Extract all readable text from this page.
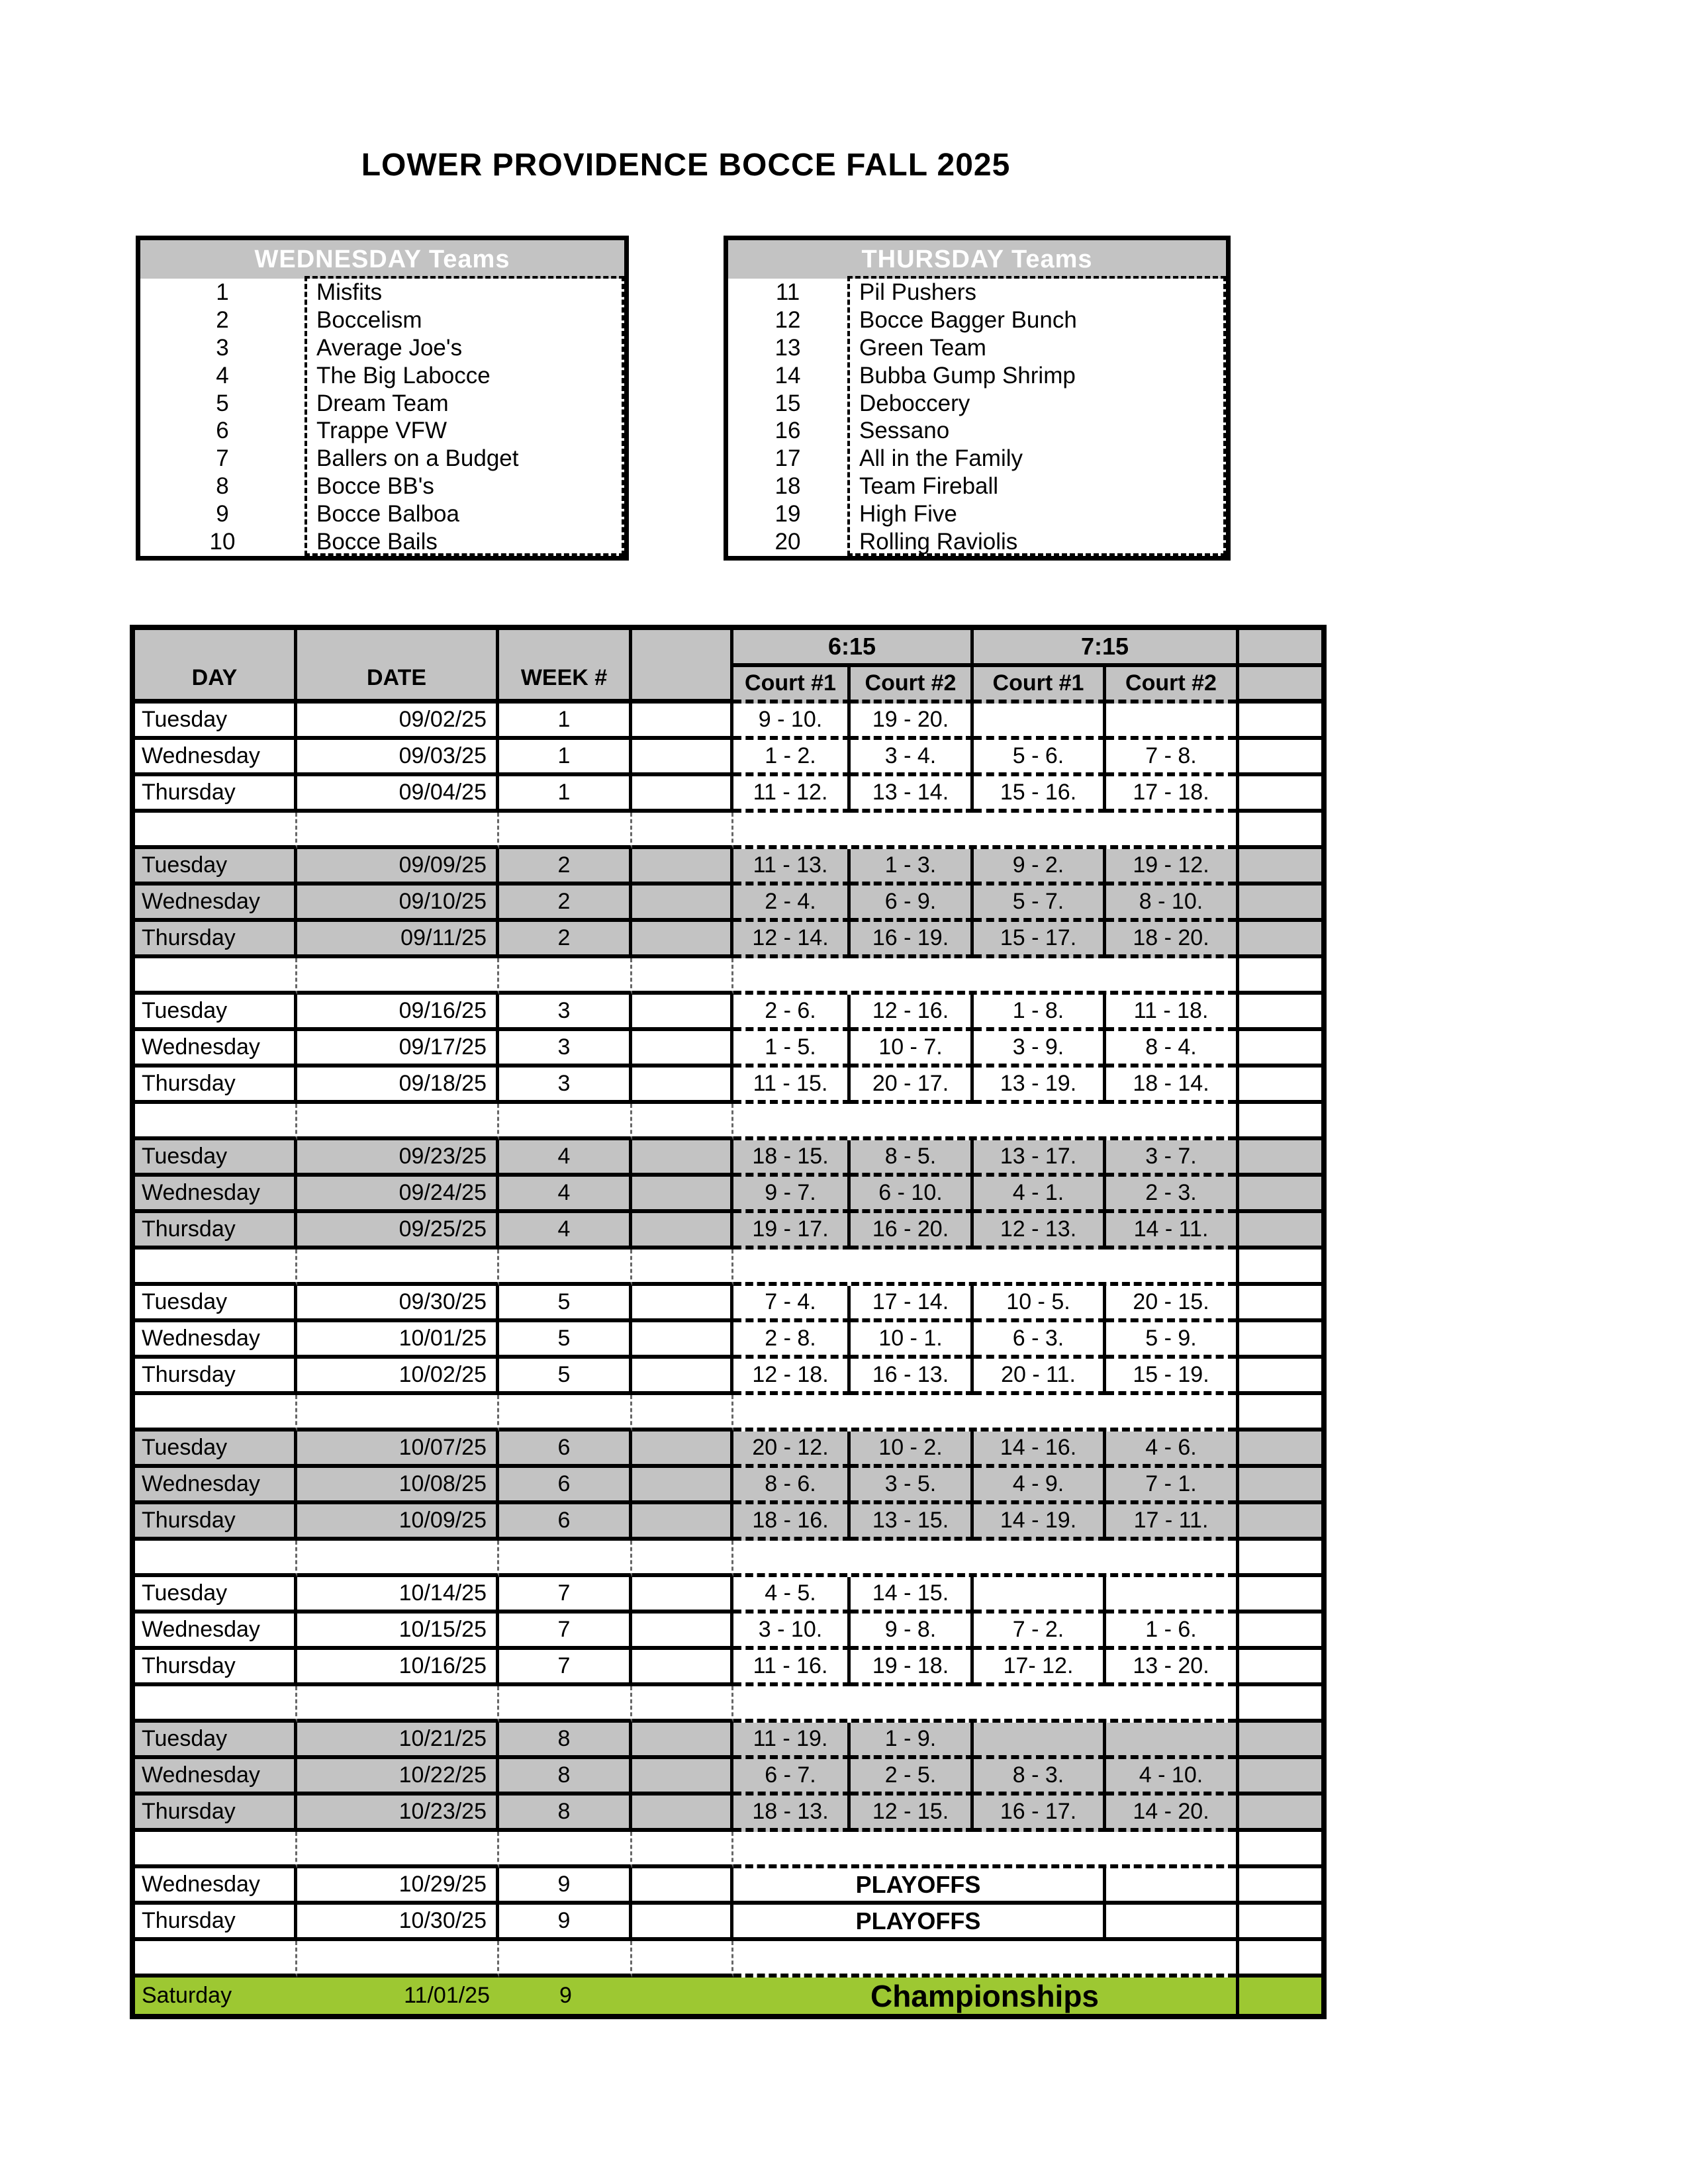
LOWER PROVIDENCE BOCCE FALL 2025
WEDNESDAY Teams
1	Misfits
2	Boccelism
3	Average Joe's
4	The Big Labocce
5	Dream Team
6	Trappe VFW
7	Ballers on a Budget
8	Bocce BB's
9	Bocce Balboa
10	Bocce Bails
THURSDAY Teams
11	Pil Pushers
12	Bocce Bagger Bunch
13	Green Team
14	Bubba Gump Shrimp
15	Deboccery
16	Sessano
17	All in the Family
18	Team Fireball
19	High Five
20	Rolling Raviolis
DAY	DATE	WEEK #
6:15	7:15
Court #1	Court #2	Court #1	Court #2
Tuesday	09/02/25	1	9 - 10.	19 - 20.
Wednesday	09/03/25	1	1 - 2.	3 - 4.	5 - 6.	7 - 8.
Thursday	09/04/25	1	11 - 12.	13 - 14.	15 - 16.	17 - 18.
Tuesday	09/09/25	2	11 - 13.	1 - 3.	9 - 2.	19 - 12.
Wednesday	09/10/25	2	2 - 4.	6 - 9.	5 - 7.	8 - 10.
Thursday	09/11/25	2	12 - 14.	16 - 19.	15 - 17.	18 - 20.
Tuesday	09/16/25	3	2 - 6.	12 - 16.	1 - 8.	11 - 18.
Wednesday	09/17/25	3	1 - 5.	10 - 7.	3 - 9.	8 - 4.
Thursday	09/18/25	3	11 - 15.	20 - 17.	13 - 19.	18 - 14.
Tuesday	09/23/25	4	18 - 15.	8 - 5.	13 - 17.	3 - 7.
Wednesday	09/24/25	4	9 - 7.	6 - 10.	4 - 1.	2 - 3.
Thursday	09/25/25	4	19 - 17.	16 - 20.	12 - 13.	14 - 11.
Tuesday	09/30/25	5	7 - 4.	17 - 14.	10 - 5.	20 - 15.
Wednesday	10/01/25	5	2 - 8.	10 - 1.	6 - 3.	5 - 9.
Thursday	10/02/25	5	12 - 18.	16 - 13.	20 - 11.	15 - 19.
Tuesday	10/07/25	6	20 - 12.	10 - 2.	14 - 16.	4 - 6.
Wednesday	10/08/25	6	8 - 6.	3 - 5.	4 - 9.	7 - 1.
Thursday	10/09/25	6	18 - 16.	13 - 15.	14 - 19.	17 - 11.
Tuesday	10/14/25	7	4 - 5.	14 - 15.
Wednesday	10/15/25	7	3 - 10.	9 - 8.	7 - 2.	1 - 6.
Thursday	10/16/25	7	11 - 16.	19 - 18.	17- 12.	13 - 20.
Tuesday	10/21/25	8	11 - 19.	1 - 9.
Wednesday	10/22/25	8	6 - 7.	2 - 5.	8 - 3.	4 - 10.
Thursday	10/23/25	8	18 - 13.	12 - 15.	16 - 17.	14 - 20.
Wednesday	10/29/25	9	PLAYOFFS
Thursday	10/30/25	9	PLAYOFFS
Saturday	11/01/25	9	Championships
